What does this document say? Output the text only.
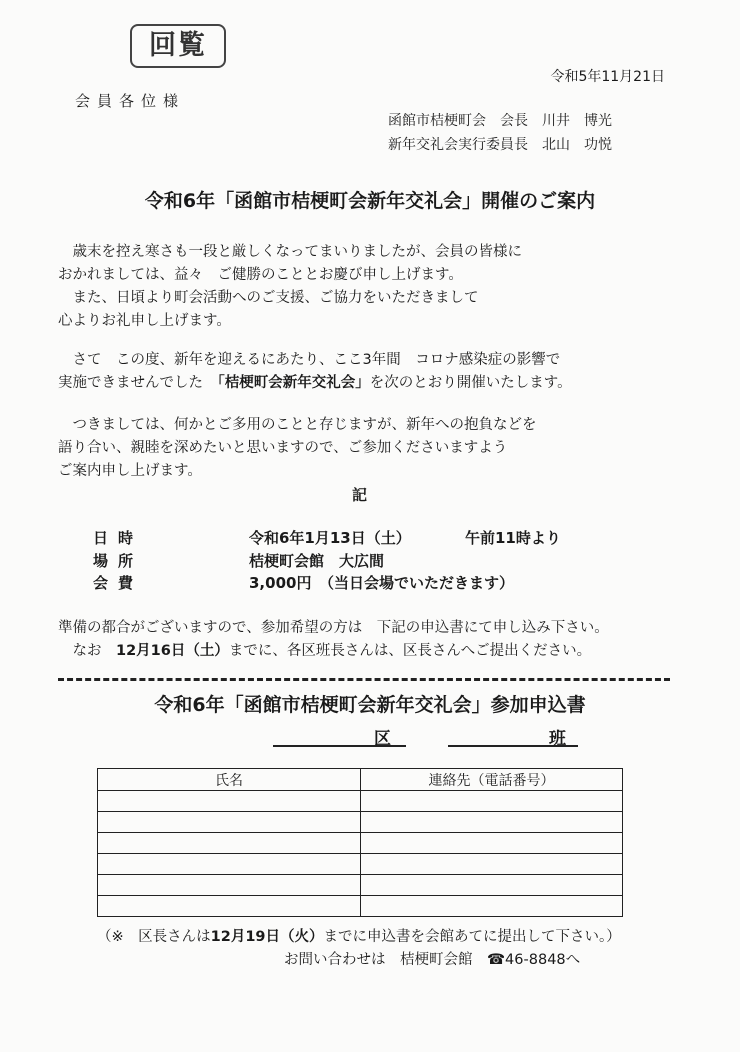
回覧
令和5年11月21日
会員各位様
函館市桔梗町会　会長　川井　博光
新年交礼会実行委員長　北山　功悦
令和6年「函館市桔梗町会新年交礼会」開催のご案内
　歳末を控え寒さも一段と厳しくなってまいりましたが、会員の皆様に
おかれましては、益々　ご健勝のこととお慶び申し上げます。
　また、日頃より町会活動へのご支援、ご協力をいただきまして
心よりお礼申し上げます。
　さて　この度、新年を迎えるにあたり、ここ3年間　コロナ感染症の影響で
実施できませんでした　「桔梗町会新年交礼会」を次のとおり開催いたします。
　つきましては、何かとご多用のことと存じますが、新年への抱負などを
語り合い、親睦を深めたいと思いますので、ご参加くださいますよう
ご案内申し上げます。
記
日時	令和6年1月13日（土）	午前11時より
場所	桔梗町会館　大広間
会費	3,000円　（当日会場でいただきます）
準備の都合がございますので、参加希望の方は　下記の申込書にて申し込み下さい。
　なお　12月16日（土）までに、各区班長さんは、区長さんへご提出ください。
令和6年「函館市桔梗町会新年交礼会」参加申込書
区	班
氏名	連絡先（電話番号）

（※　区長さんは12月19日（火）までに申込書を会館あてに提出して下さい。）
お問い合わせは　桔梗町会館　☎46-8848へ
